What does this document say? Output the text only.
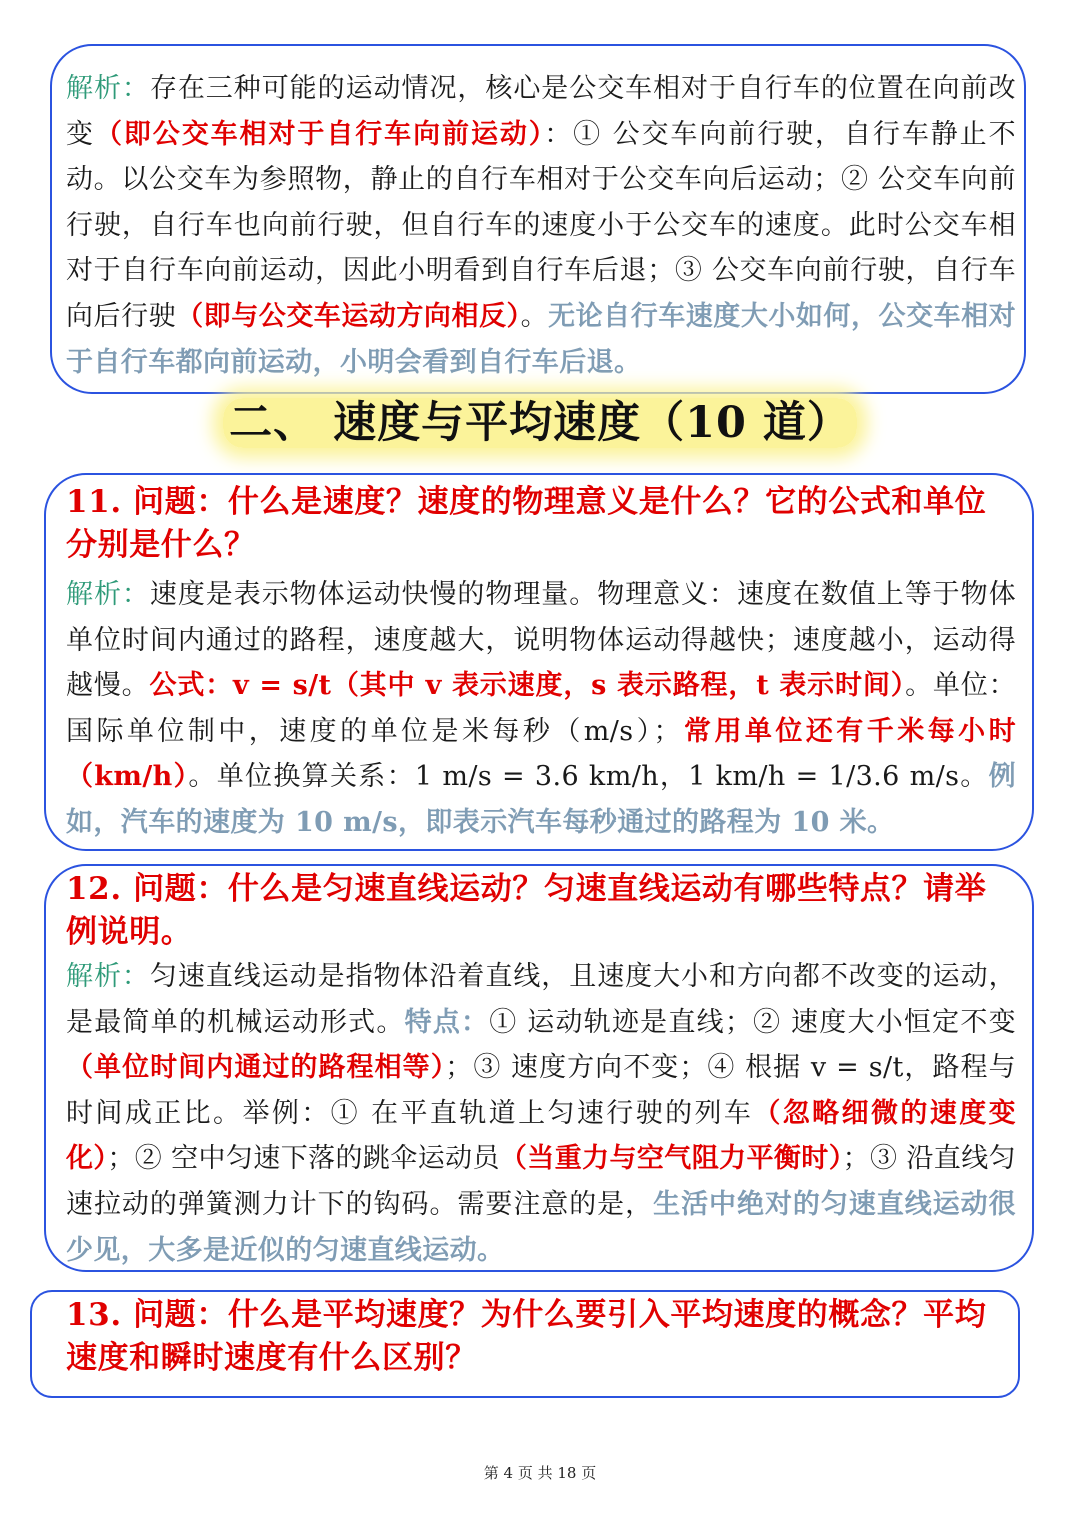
解析：存在三种可能的运动情况，核心是公交车相对于自行车的位置在向前改变（即公交车相对于自行车向前运动）：① 公交车向前行驶，自行车静止不动。以公交车为参照物，静止的自行车相对于公交车向后运动；② 公交车向前行驶，自行车也向前行驶，但自行车的速度小于公交车的速度。此时公交车相对于自行车向前运动，因此小明看到自行车后退；③ 公交车向前行驶，自行车向后行驶（即与公交车运动方向相反）。无论自行车速度大小如何，公交车相对于自行车都向前运动，小明会看到自行车后退。

二、 速度与平均速度（10 道）

11. 问题：什么是速度？速度的物理意义是什么？它的公式和单位分别是什么？

解析：速度是表示物体运动快慢的物理量。物理意义：速度在数值上等于物体单位时间内通过的路程，速度越大，说明物体运动得越快；速度越小，运动得越慢。公式：v = s/t（其中 v 表示速度，s 表示路程，t 表示时间）。单位：国际单位制中，速度的单位是米每秒（m/s）；常用单位还有千米每小时（km/h）。单位换算关系：1 m/s = 3.6 km/h，1 km/h = 1/3.6 m/s。例如，汽车的速度为 10 m/s，即表示汽车每秒通过的路程为 10 米。

12. 问题：什么是匀速直线运动？匀速直线运动有哪些特点？请举例说明。

解析：匀速直线运动是指物体沿着直线，且速度大小和方向都不改变的运动，是最简单的机械运动形式。特点：① 运动轨迹是直线；② 速度大小恒定不变（单位时间内通过的路程相等）；③ 速度方向不变；④ 根据 v = s/t，路程与时间成正比。举例：① 在平直轨道上匀速行驶的列车（忽略细微的速度变化）；② 空中匀速下落的跳伞运动员（当重力与空气阻力平衡时）；③ 沿直线匀速拉动的弹簧测力计下的钩码。需要注意的是，生活中绝对的匀速直线运动很少见，大多是近似的匀速直线运动。

13. 问题：什么是平均速度？为什么要引入平均速度的概念？平均速度和瞬时速度有什么区别？

第 4 页 共 18 页
